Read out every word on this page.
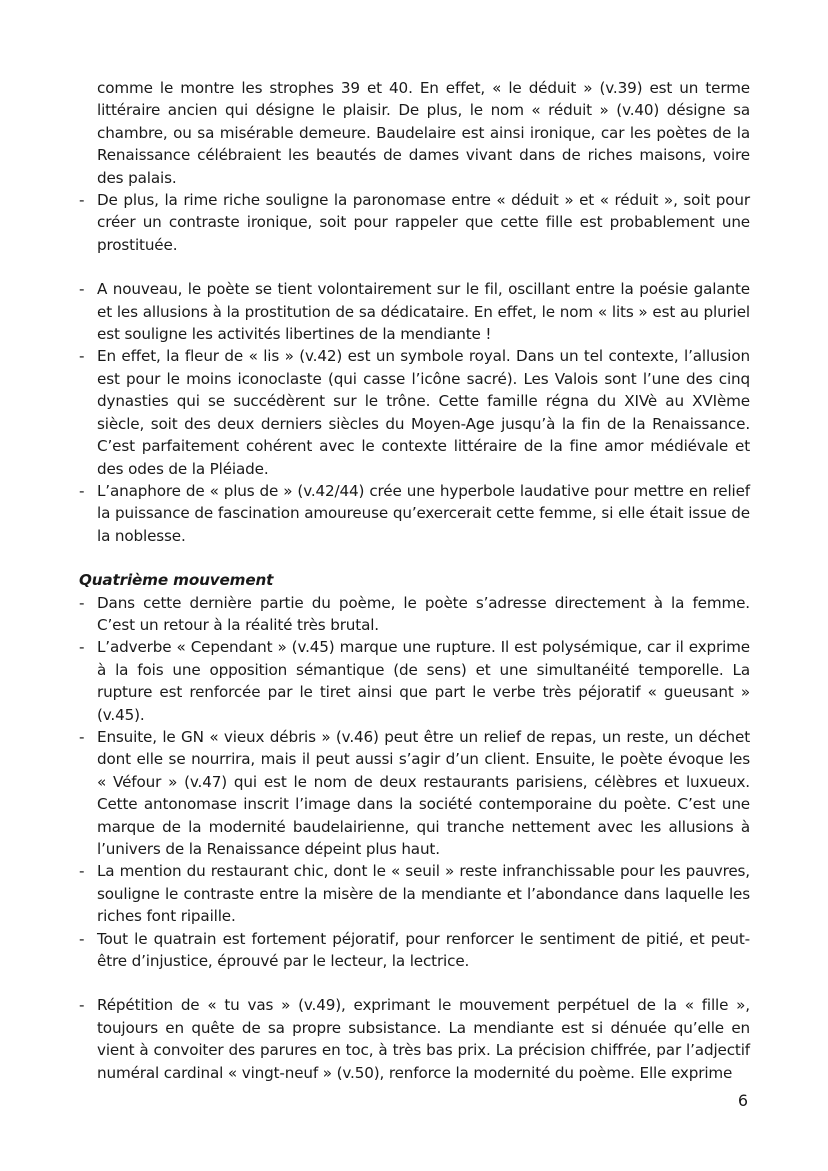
comme le montre les strophes 39 et 40. En effet, « le déduit » (v.39) est un terme littéraire ancien qui désigne le plaisir. De plus, le nom « réduit » (v.40) désigne sa chambre, ou sa misérable demeure. Baudelaire est ainsi ironique, car les poètes de la Renaissance célébraient les beautés de dames vivant dans de riches maisons, voire des palais.

- De plus, la rime riche souligne la paronomase entre « déduit » et « réduit », soit pour créer un contraste ironique, soit pour rappeler que cette fille est probablement une prostituée.

- A nouveau, le poète se tient volontairement sur le fil, oscillant entre la poésie galante et les allusions à la prostitution de sa dédicataire. En effet, le nom « lits » est au pluriel est souligne les activités libertines de la mendiante !

- En effet, la fleur de « lis » (v.42) est un symbole royal. Dans un tel contexte, l’allusion est pour le moins iconoclaste (qui casse l’icône sacré). Les Valois sont l’une des cinq dynasties qui se succédèrent sur le trône. Cette famille régna du XIVè au XVIème siècle, soit des deux derniers siècles du Moyen-Age jusqu’à la fin de la Renaissance. C’est parfaitement cohérent avec le contexte littéraire de la fine amor médiévale et des odes de la Pléiade.

- L’anaphore de « plus de » (v.42/44) crée une hyperbole laudative pour mettre en relief la puissance de fascination amoureuse qu’exercerait cette femme, si elle était issue de la noblesse.

Quatrième mouvement

- Dans cette dernière partie du poème, le poète s’adresse directement à la femme. C’est un retour à la réalité très brutal.

- L’adverbe « Cependant » (v.45) marque une rupture. Il est polysémique, car il exprime à la fois une opposition sémantique (de sens) et une simultanéité temporelle. La rupture est renforcée par le tiret ainsi que part le verbe très péjoratif « gueusant » (v.45).

- Ensuite, le GN « vieux débris » (v.46) peut être un relief de repas, un reste, un déchet dont elle se nourrira, mais il peut aussi s’agir d’un client. Ensuite, le poète évoque les « Véfour » (v.47) qui est le nom de deux restaurants parisiens, célèbres et luxueux. Cette antonomase inscrit l’image dans la société contemporaine du poète. C’est une marque de la modernité baudelairienne, qui tranche nettement avec les allusions à l’univers de la Renaissance dépeint plus haut.

- La mention du restaurant chic, dont le « seuil » reste infranchissable pour les pauvres, souligne le contraste entre la misère de la mendiante et l’abondance dans laquelle les riches font ripaille.

- Tout le quatrain est fortement péjoratif, pour renforcer le sentiment de pitié, et peut-être d’injustice, éprouvé par le lecteur, la lectrice.

- Répétition de « tu vas » (v.49), exprimant le mouvement perpétuel de la « fille », toujours en quête de sa propre subsistance. La mendiante est si dénuée qu’elle en vient à convoiter des parures en toc, à très bas prix. La précision chiffrée, par l’adjectif numéral cardinal « vingt-neuf » (v.50), renforce la modernité du poème. Elle exprime

6
